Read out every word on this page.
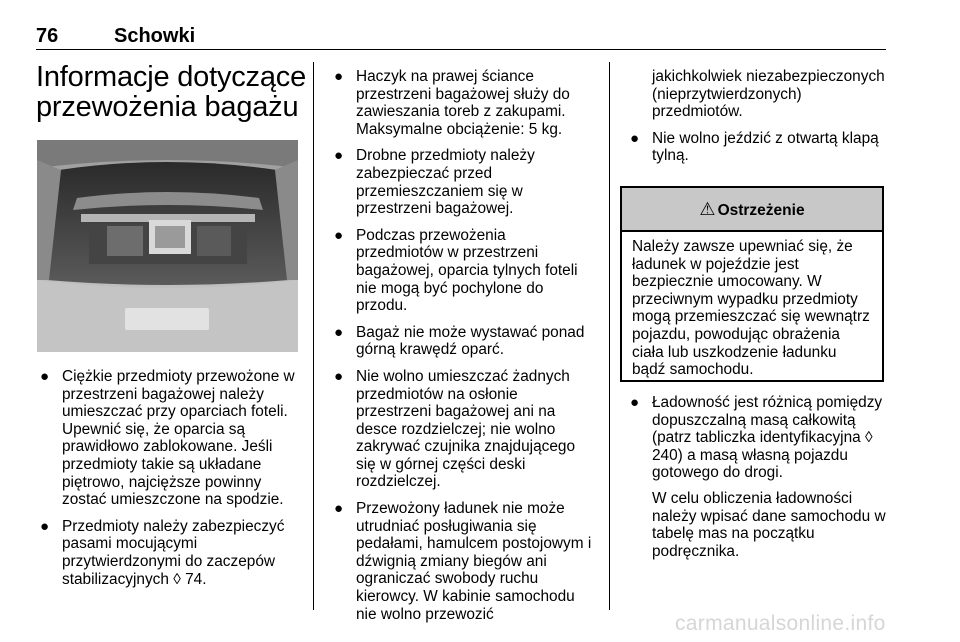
76	Schowki
Informacje dotyczące
przewożenia bagażu
● Ciężkie przedmioty przewożone w przestrzeni bagażowej należy umieszczać przy oparciach foteli. Upewnić się, że oparcia są prawidłowo zablokowane. Jeśli przedmioty takie są układane piętrowo, najcięższe powinny zostać umieszczone na spodzie.

● Przedmioty należy zabezpieczyć pasami mocującymi przytwierdzonymi do zaczepów stabilizacyjnych ◊ 74.

● Haczyk na prawej ściance przestrzeni bagażowej służy do zawieszania toreb z zakupami. Maksymalne obciążenie: 5 kg.

● Drobne przedmioty należy zabezpieczać przed przemieszczaniem się w przestrzeni bagażowej.

● Podczas przewożenia przedmiotów w przestrzeni bagażowej, oparcia tylnych foteli nie mogą być pochylone do przodu.

● Bagaż nie może wystawać ponad górną krawędź oparć.

● Nie wolno umieszczać żadnych przedmiotów na osłonie przestrzeni bagażowej ani na desce rozdzielczej; nie wolno zakrywać czujnika znajdującego się w górnej części deski rozdzielczej.

● Przewożony ładunek nie może utrudniać posługiwania się pedałami, hamulcem postojowym i dźwignią zmiany biegów ani ograniczać swobody ruchu kierowcy. W kabinie samochodu nie wolno przewozić

jakichkolwiek niezabezpieczonych (nieprzytwierdzonych) przedmiotów.

● Nie wolno jeździć z otwartą klapą tylną.

⚠ Ostrzeżenie
Należy zawsze upewniać się, że ładunek w pojeździe jest bezpiecznie umocowany. W przeciwnym wypadku przedmioty mogą przemieszczać się wewnątrz pojazdu, powodując obrażenia ciała lub uszkodzenie ładunku bądź samochodu.
● Ładowność jest różnicą pomiędzy dopuszczalną masą całkowitą (patrz tabliczka identyfikacyjna ◊ 240) a masą własną pojazdu gotowego do drogi.

W celu obliczenia ładowności należy wpisać dane samochodu w tabelę mas na początku podręcznika.

carmanualsonline.info
